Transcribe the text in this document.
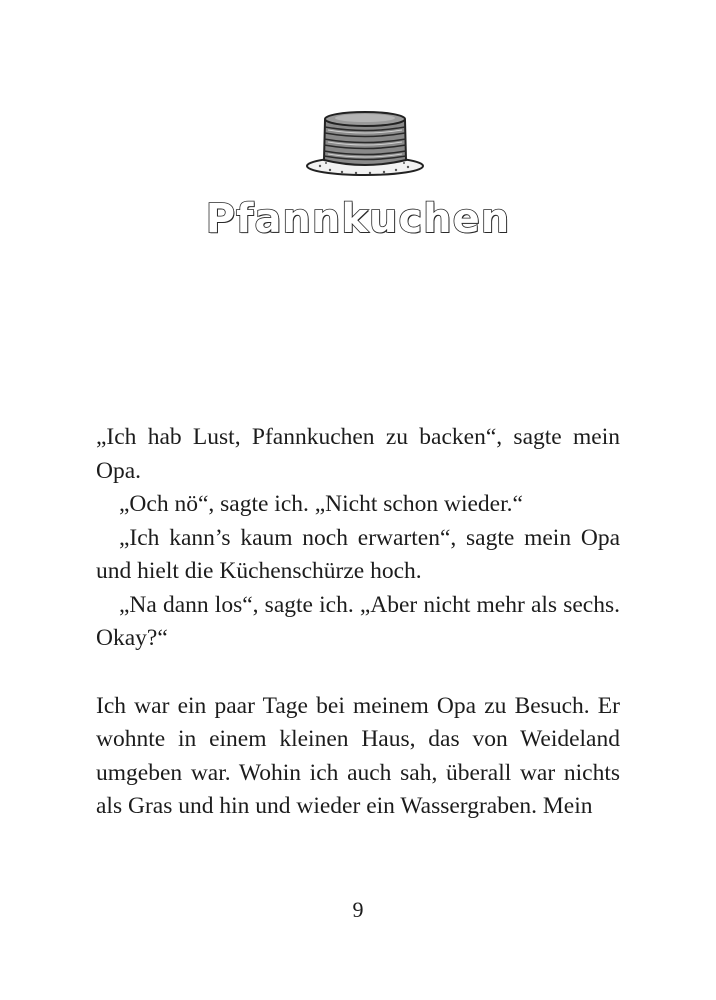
Pfannkuchen

„Ich hab Lust, Pfannkuchen zu backen“, sagte mein Opa.

„Och nö“, sagte ich. „Nicht schon wieder.“

„Ich kann’s kaum noch erwarten“, sagte mein Opa und hielt die Küchenschürze hoch.

„Na dann los“, sagte ich. „Aber nicht mehr als sechs. Okay?“

Ich war ein paar Tage bei meinem Opa zu Besuch. Er wohnte in einem kleinen Haus, das von Weideland umgeben war. Wohin ich auch sah, überall war nichts als Gras und hin und wieder ein Wassergraben. Mein

9
